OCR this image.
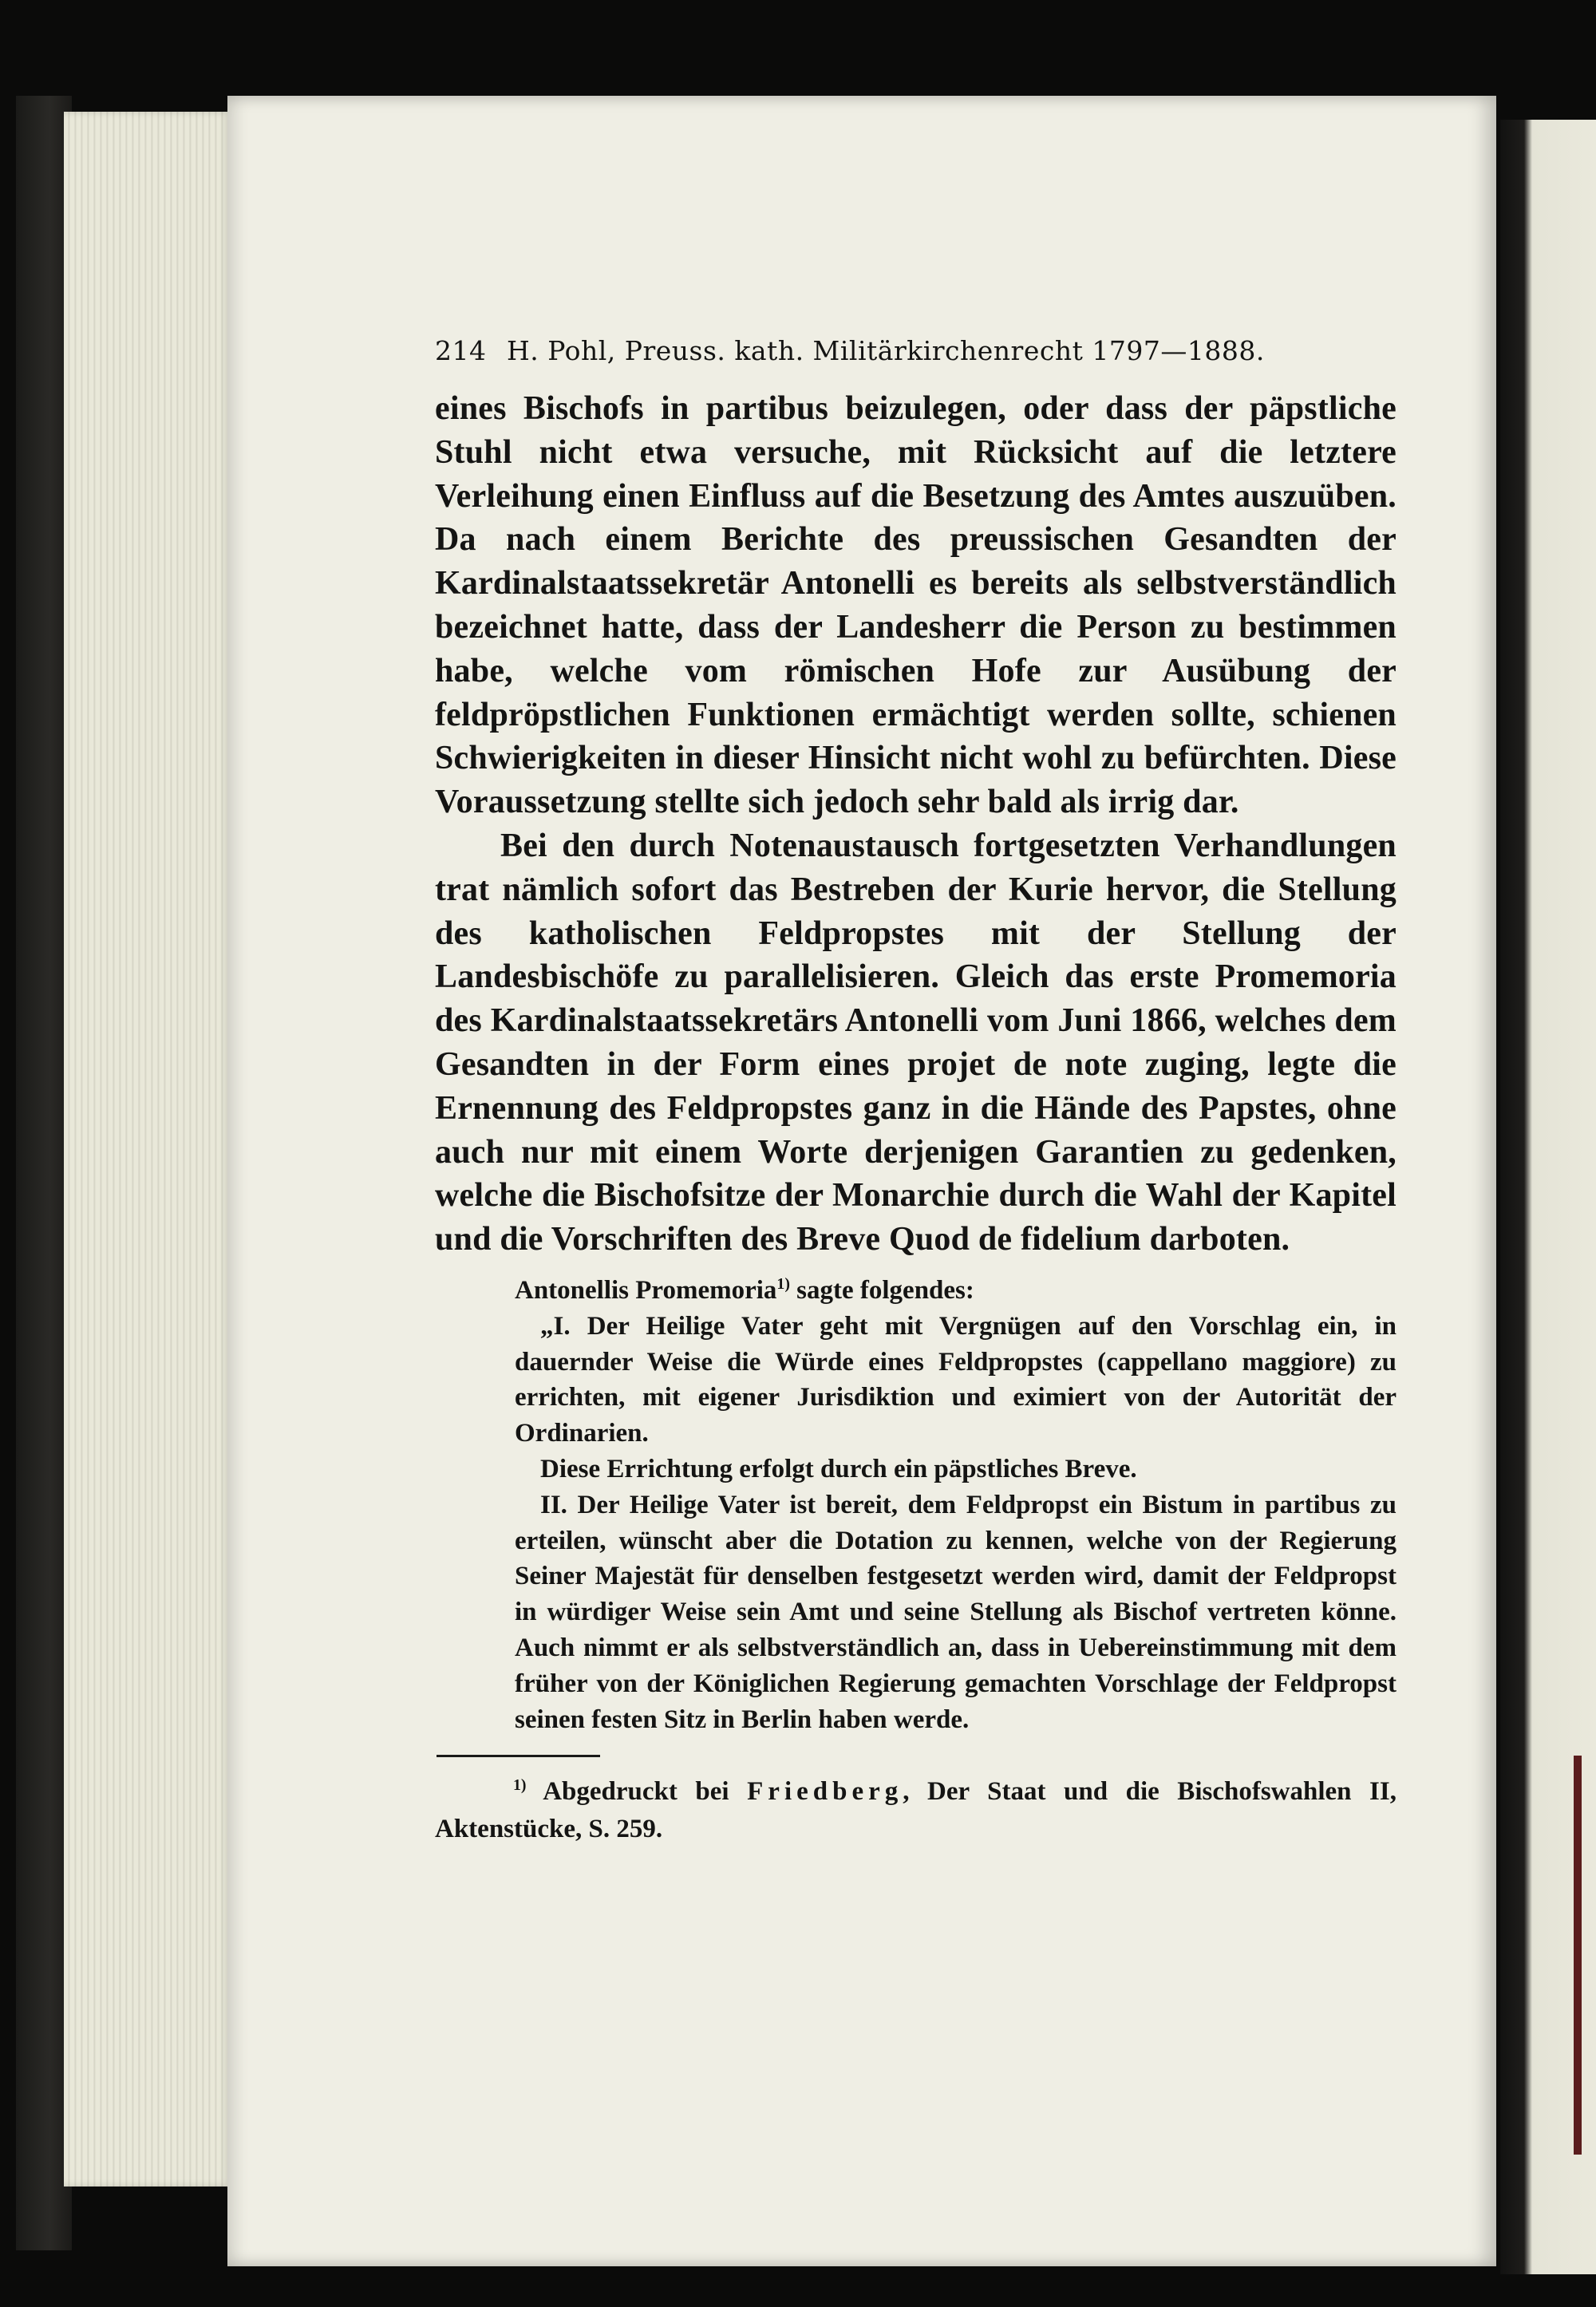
214 H. Pohl, Preuss. kath. Militärkirchenrecht 1797—1888.

eines Bischofs in partibus beizulegen, oder dass der päpstliche Stuhl nicht etwa versuche, mit Rücksicht auf die letztere Verleihung einen Einfluss auf die Besetzung des Amtes auszuüben. Da nach einem Berichte des preussischen Gesandten der Kardinalstaatssekretär Antonelli es bereits als selbstverständlich bezeichnet hatte, dass der Landesherr die Person zu bestimmen habe, welche vom römischen Hofe zur Ausübung der feldpröpstlichen Funktionen ermächtigt werden sollte, schienen Schwierigkeiten in dieser Hinsicht nicht wohl zu befürchten. Diese Voraussetzung stellte sich jedoch sehr bald als irrig dar.

Bei den durch Notenaustausch fortgesetzten Verhandlungen trat nämlich sofort das Bestreben der Kurie hervor, die Stellung des katholischen Feldpropstes mit der Stellung der Landesbischöfe zu parallelisieren. Gleich das erste Promemoria des Kardinalstaatssekretärs Antonelli vom Juni 1866, welches dem Gesandten in der Form eines projet de note zuging, legte die Ernennung des Feldpropstes ganz in die Hände des Papstes, ohne auch nur mit einem Worte derjenigen Garantien zu gedenken, welche die Bischofsitze der Monarchie durch die Wahl der Kapitel und die Vorschriften des Breve Quod de fidelium darboten.

Antonellis Promemoria$^{1)}$ sagte folgendes:

„I. Der Heilige Vater geht mit Vergnügen auf den Vorschlag ein, in dauernder Weise die Würde eines Feldpropstes (cappellano maggiore) zu errichten, mit eigener Jurisdiktion und eximiert von der Autorität der Ordinarien.

Diese Errichtung erfolgt durch ein päpstliches Breve.

II. Der Heilige Vater ist bereit, dem Feldpropst ein Bistum in partibus zu erteilen, wünscht aber die Dotation zu kennen, welche von der Regierung Seiner Majestät für denselben festgesetzt werden wird, damit der Feldpropst in würdiger Weise sein Amt und seine Stellung als Bischof vertreten könne. Auch nimmt er als selbstverständlich an, dass in Uebereinstimmung mit dem früher von der Königlichen Regierung gemachten Vorschlage der Feldpropst seinen festen Sitz in Berlin haben werde.

$^{1)}$ Abgedruckt bei Friedberg, Der Staat und die Bischofswahlen II, Aktenstücke, S. 259.
